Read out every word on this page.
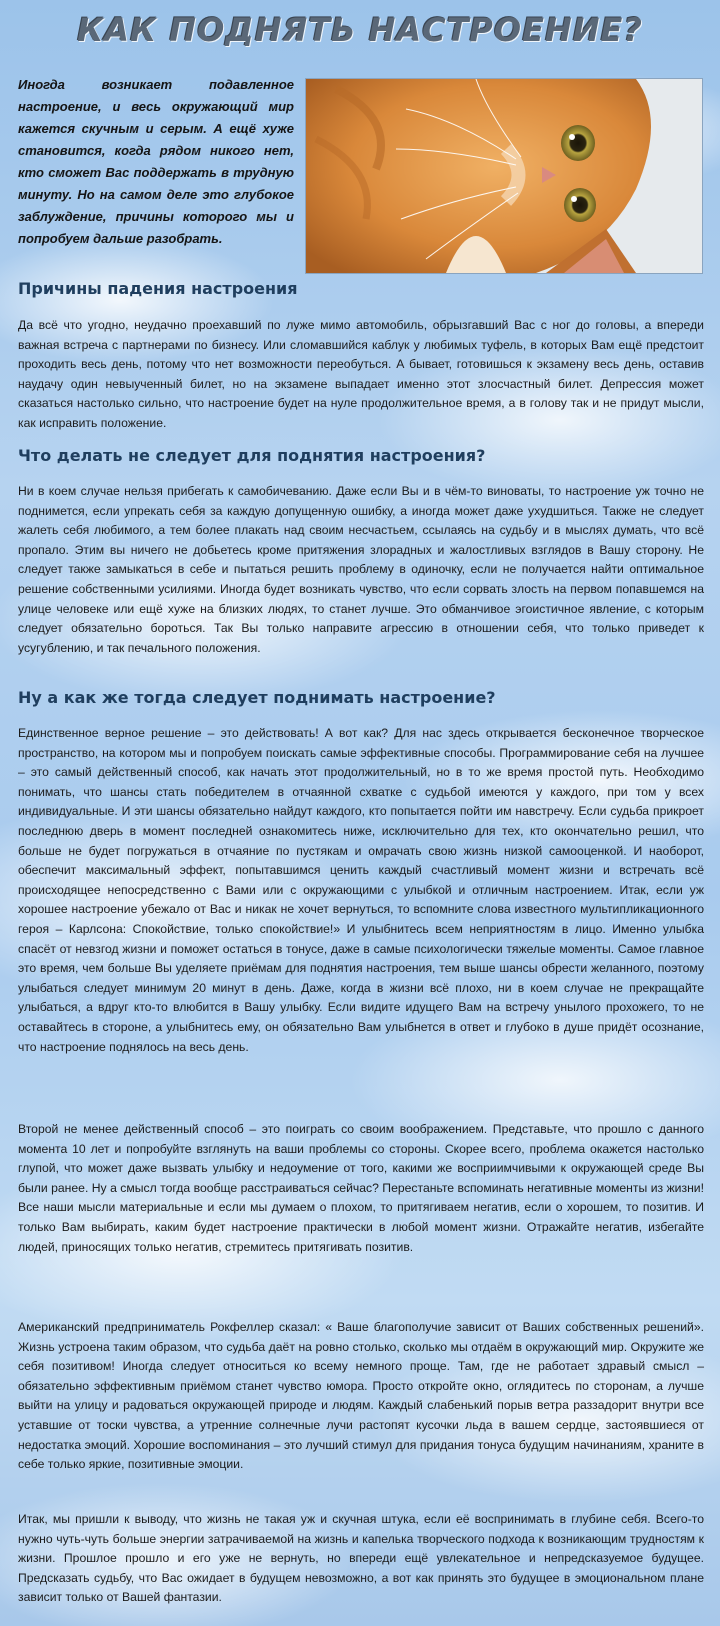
КАК ПОДНЯТЬ НАСТРОЕНИЕ?

Иногда возникает подавленное настроение, и весь окружающий мир кажется скучным и серым. А ещё хуже становится, когда рядом никого нет, кто сможет Вас поддержать в трудную минуту. Но на самом деле это глубокое заблуждение, причины которого мы и попробуем дальше разобрать.

Причины падения настроения

Да всё что угодно, неудачно проехавший по луже мимо автомобиль, обрызгавший Вас с ног до головы, а впереди важная встреча с партнерами по бизнесу. Или сломавшийся каблук у любимых туфель, в которых Вам ещё предстоит проходить весь день, потому что нет возможности переобуться. А бывает, готовишься к экзамену весь день, оставив наудачу один невыученный билет, но на экзамене выпадает именно этот злосчастный билет. Депрессия может сказаться настолько сильно, что настроение будет на нуле продолжительное время, а в голову так и не придут мысли, как исправить положение.

Что делать не следует для поднятия настроения?

Ни в коем случае нельзя прибегать к самобичеванию. Даже если Вы и в чём-то виноваты, то настроение уж точно не поднимется, если упрекать себя за каждую допущенную ошибку, а иногда может даже ухудшиться. Также не следует жалеть себя любимого, а тем более плакать над своим несчастьем, ссылаясь на судьбу и в мыслях думать, что всё пропало. Этим вы ничего не добьетесь кроме притяжения злорадных и жалостливых взглядов в Вашу сторону. Не следует также замыкаться в себе и пытаться решить проблему в одиночку, если не получается найти оптимальное решение собственными усилиями. Иногда будет возникать чувство, что если сорвать злость на первом попавшемся на улице человеке или ещё хуже на близких людях, то станет лучше. Это обманчивое эгоистичное явление, с которым следует обязательно бороться. Так Вы только направите агрессию в отношении себя, что только приведет к усугублению, и так печального положения.

Ну а как же тогда следует поднимать настроение?

Единственное верное решение – это действовать! А вот как? Для нас здесь открывается бесконечное творческое пространство, на котором мы и попробуем поискать самые эффективные способы. Программирование себя на лучшее – это самый действенный способ, как начать этот продолжительный, но в то же время простой путь. Необходимо понимать, что шансы стать победителем в отчаянной схватке с судьбой имеются у каждого, при том у всех индивидуальные. И эти шансы обязательно найдут каждого, кто попытается пойти им навстречу. Если судьба прикроет последнюю дверь в момент последней ознакомитесь ниже, исключительно для тех, кто окончательно решил, что больше не будет погружаться в отчаяние по пустякам и омрачать свою жизнь низкой самооценкой. И наоборот, обеспечит максимальный эффект, попытавшимся ценить каждый счастливый момент жизни и встречать всё происходящее непосредственно с Вами или с окружающими с улыбкой и отличным настроением. Итак, если уж хорошее настроение убежало от Вас и никак не хочет вернуться, то вспомните слова известного мультипликационного героя – Карлсона: Спокойствие, только спокойствие!» И улыбнитесь всем неприятностям в лицо. Именно улыбка спасёт от невзгод жизни и поможет остаться в тонусе, даже в самые психологически тяжелые моменты. Самое главное это время, чем больше Вы уделяете приёмам для поднятия настроения, тем выше шансы обрести желанного, поэтому улыбаться следует минимум 20 минут в день. Даже, когда в жизни всё плохо, ни в коем случае не прекращайте улыбаться, а вдруг кто-то влюбится в Вашу улыбку. Если видите идущего Вам на встречу унылого прохожего, то не оставайтесь в стороне, а улыбнитесь ему, он обязательно Вам улыбнется в ответ и глубоко в душе придёт осознание, что настроение поднялось на весь день.

Второй не менее действенный способ – это поиграть со своим воображением. Представьте, что прошло с данного момента 10 лет и попробуйте взглянуть на ваши проблемы со стороны. Скорее всего, проблема окажется настолько глупой, что может даже вызвать улыбку и недоумение от того, какими же восприимчивыми к окружающей среде Вы были ранее. Ну а смысл тогда вообще расстраиваться сейчас? Перестаньте вспоминать негативные моменты из жизни! Все наши мысли материальные и если мы думаем о плохом, то притягиваем негатив, если о хорошем, то позитив. И только Вам выбирать, каким будет настроение практически в любой момент жизни. Отражайте негатив, избегайте людей, приносящих только негатив, стремитесь притягивать позитив.

Американский предприниматель Рокфеллер сказал: « Ваше благополучие зависит от Ваших собственных решений». Жизнь устроена таким образом, что судьба даёт на ровно столько, сколько мы отдаём в окружающий мир. Окружите же себя позитивом! Иногда следует относиться ко всему немного проще. Там, где не работает здравый смысл – обязательно эффективным приёмом станет чувство юмора. Просто откройте окно, оглядитесь по сторонам, а лучше выйти на улицу и радоваться окружающей природе и людям. Каждый слабенький порыв ветра раззадорит внутри все уставшие от тоски чувства, а утренние солнечные лучи растопят кусочки льда в вашем сердце, застоявшиеся от недостатка эмоций. Хорошие воспоминания – это лучший стимул для придания тонуса будущим начинаниям, храните в себе только яркие, позитивные эмоции.

Итак, мы пришли к выводу, что жизнь не такая уж и скучная штука, если её воспринимать в глубине себя. Всего-то нужно чуть-чуть больше энергии затрачиваемой на жизнь и капелька творческого подхода к возникающим трудностям к жизни. Прошлое прошло и его уже не вернуть, но впереди ещё увлекательное и непредсказуемое будущее. Предсказать судьбу, что Вас ожидает в будущем невозможно, а вот как принять это будущее в эмоциональном плане зависит только от Вашей фантазии.
